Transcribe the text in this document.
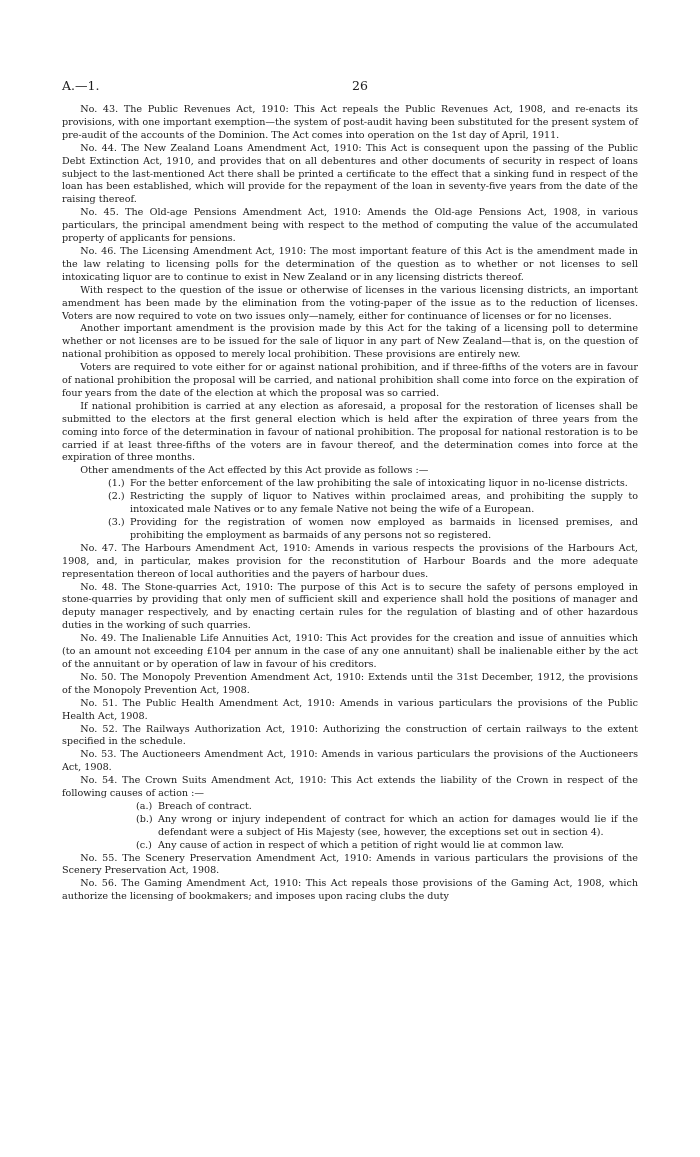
A.—1.	26

No. 43. The Public Revenues Act, 1910: This Act repeals the Public Revenues Act, 1908, and re-enacts its provisions, with one important exemption—the system of post-audit having been substituted for the present system of pre-audit of the accounts of the Dominion. The Act comes into operation on the 1st day of April, 1911.

No. 44. The New Zealand Loans Amendment Act, 1910: This Act is consequent upon the passing of the Public Debt Extinction Act, 1910, and provides that on all debentures and other documents of security in respect of loans subject to the last-mentioned Act there shall be printed a certificate to the effect that a sinking fund in respect of the loan has been established, which will provide for the repayment of the loan in seventy-five years from the date of the raising thereof.

No. 45. The Old-age Pensions Amendment Act, 1910: Amends the Old-age Pensions Act, 1908, in various particulars, the principal amendment being with respect to the method of computing the value of the accumulated property of applicants for pensions.

No. 46. The Licensing Amendment Act, 1910: The most important feature of this Act is the amendment made in the law relating to licensing polls for the determination of the question as to whether or not licenses to sell intoxicating liquor are to continue to exist in New Zealand or in any licensing districts thereof.

With respect to the question of the issue or otherwise of licenses in the various licensing districts, an important amendment has been made by the elimination from the voting-paper of the issue as to the reduction of licenses. Voters are now required to vote on two issues only—namely, either for continuance of licenses or for no licenses.

Another important amendment is the provision made by this Act for the taking of a licensing poll to determine whether or not licenses are to be issued for the sale of liquor in any part of New Zealand—that is, on the question of national prohibition as opposed to merely local prohibition. These provisions are entirely new.

Voters are required to vote either for or against national prohibition, and if three-fifths of the voters are in favour of national prohibition the proposal will be carried, and national prohibition shall come into force on the expiration of four years from the date of the election at which the proposal was so carried.

If national prohibition is carried at any election as aforesaid, a proposal for the restoration of licenses shall be submitted to the electors at the first general election which is held after the expiration of three years from the coming into force of the determination in favour of national prohibition. The proposal for national restoration is to be carried if at least three-fifths of the voters are in favour thereof, and the determination comes into force at the expiration of three months.

Other amendments of the Act effected by this Act provide as follows :—

(1.) For the better enforcement of the law prohibiting the sale of intoxicating liquor in no-license districts.

(2.) Restricting the supply of liquor to Natives within proclaimed areas, and prohibiting the supply to intoxicated male Natives or to any female Native not being the wife of a European.

(3.) Providing for the registration of women now employed as barmaids in licensed premises, and prohibiting the employment as barmaids of any persons not so registered.

No. 47. The Harbours Amendment Act, 1910: Amends in various respects the provisions of the Harbours Act, 1908, and, in particular, makes provision for the reconstitution of Harbour Boards and the more adequate representation thereon of local authorities and the payers of harbour dues.

No. 48. The Stone-quarries Act, 1910: The purpose of this Act is to secure the safety of persons employed in stone-quarries by providing that only men of sufficient skill and experience shall hold the positions of manager and deputy manager respectively, and by enacting certain rules for the regulation of blasting and of other hazardous duties in the working of such quarries.

No. 49. The Inalienable Life Annuities Act, 1910: This Act provides for the creation and issue of annuities which (to an amount not exceeding £104 per annum in the case of any one annuitant) shall be inalienable either by the act of the annuitant or by operation of law in favour of his creditors.

No. 50. The Monopoly Prevention Amendment Act, 1910: Extends until the 31st December, 1912, the provisions of the Monopoly Prevention Act, 1908.

No. 51. The Public Health Amendment Act, 1910: Amends in various particulars the provisions of the Public Health Act, 1908.

No. 52. The Railways Authorization Act, 1910: Authorizing the construction of certain railways to the extent specified in the schedule.

No. 53. The Auctioneers Amendment Act, 1910: Amends in various particulars the provisions of the Auctioneers Act, 1908.

No. 54. The Crown Suits Amendment Act, 1910: This Act extends the liability of the Crown in respect of the following causes of action :—

(a.) Breach of contract.

(b.) Any wrong or injury independent of contract for which an action for damages would lie if the defendant were a subject of His Majesty (see, however, the exceptions set out in section 4).

(c.) Any cause of action in respect of which a petition of right would lie at common law.

No. 55. The Scenery Preservation Amendment Act, 1910: Amends in various particulars the provisions of the Scenery Preservation Act, 1908.

No. 56. The Gaming Amendment Act, 1910: This Act repeals those provisions of the Gaming Act, 1908, which authorize the licensing of bookmakers; and imposes upon racing clubs the duty
